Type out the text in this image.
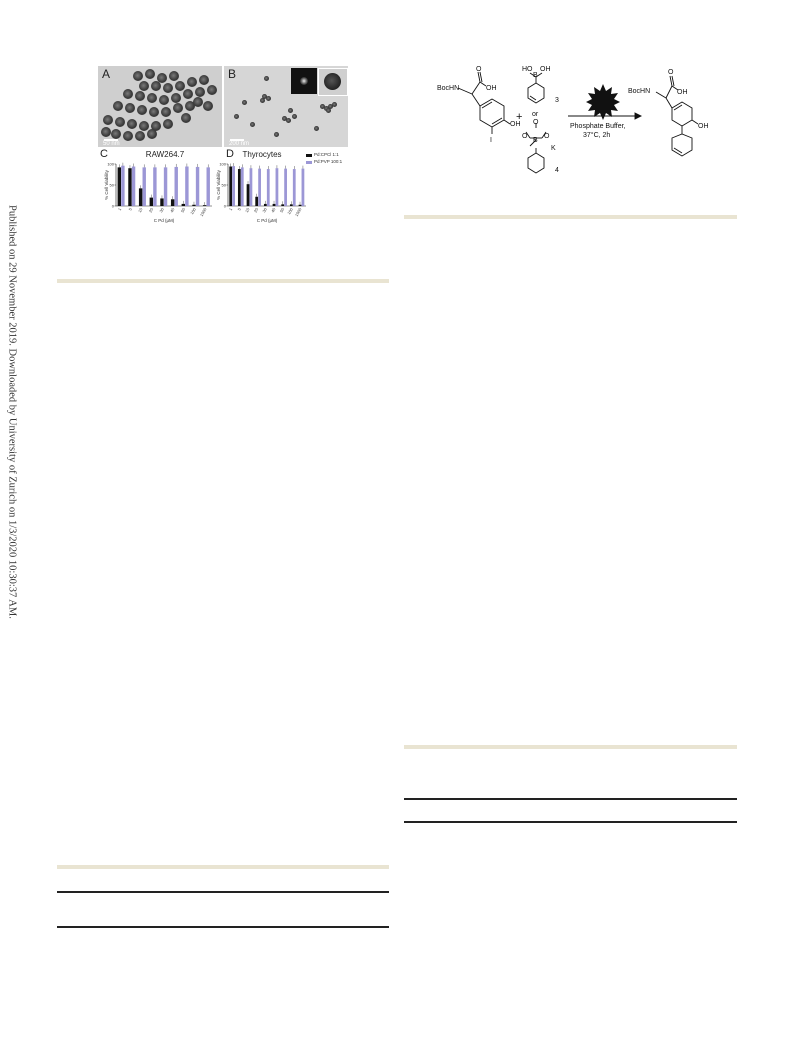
Published on 29 November 2019. Downloaded by University of Zurich on 1/3/2020 10:30:37 AM.
A
50 nm
B
200 nm
C	RAW264.7
0
50
100
% Cell Viability
1 5 10 20 30 40 50 100 1000
C Pd (μM)
D	Thyrocytes
0
50
100
% Cell Viability
1 5 10 20 30 40 50 100 1000
C Pd (μM)
Pd:CPCl 1:1
Pd:PVP 100:1
BocHN
O
OH
OH
I
+
HO
B
OH
3
or
O
O
B
O
K
4
Phosphate Buffer,
37°C, 2h
BocHN
O
OH
OH
